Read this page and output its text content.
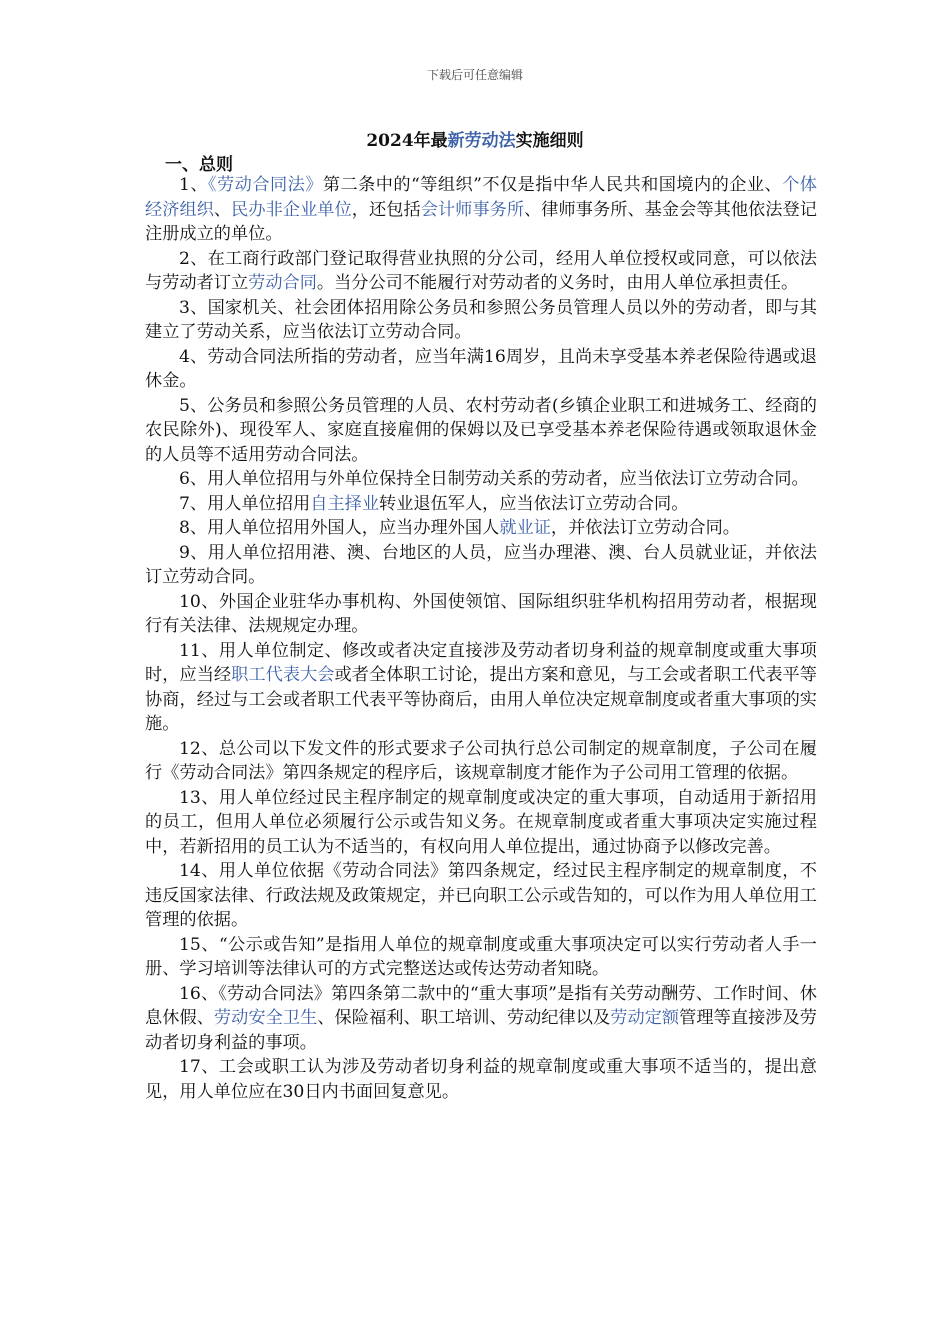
下载后可任意编辑
2024年最新劳动法实施细则
一、总则

1、《劳动合同法》第二条中的“等组织”不仅是指中华人民共和国境内的企业、个体经济组织、民办非企业单位，还包括会计师事务所、律师事务所、基金会等其他依法登记注册成立的单位。

2、在工商行政部门登记取得营业执照的分公司，经用人单位授权或同意，可以依法与劳动者订立劳动合同。当分公司不能履行对劳动者的义务时，由用人单位承担责任。

3、国家机关、社会团体招用除公务员和参照公务员管理人员以外的劳动者，即与其建立了劳动关系，应当依法订立劳动合同。

4、劳动合同法所指的劳动者，应当年满16周岁，且尚未享受基本养老保险待遇或退休金。

5、公务员和参照公务员管理的人员、农村劳动者(乡镇企业职工和进城务工、经商的农民除外)、现役军人、家庭直接雇佣的保姆以及已享受基本养老保险待遇或领取退休金的人员等不适用劳动合同法。

6、用人单位招用与外单位保持全日制劳动关系的劳动者，应当依法订立劳动合同。

7、用人单位招用自主择业转业退伍军人，应当依法订立劳动合同。

8、用人单位招用外国人，应当办理外国人就业证，并依法订立劳动合同。

9、用人单位招用港、澳、台地区的人员，应当办理港、澳、台人员就业证，并依法订立劳动合同。

10、外国企业驻华办事机构、外国使领馆、国际组织驻华机构招用劳动者，根据现行有关法律、法规规定办理。

11、用人单位制定、修改或者决定直接涉及劳动者切身利益的规章制度或重大事项时，应当经职工代表大会或者全体职工讨论，提出方案和意见，与工会或者职工代表平等协商，经过与工会或者职工代表平等协商后，由用人单位决定规章制度或者重大事项的实施。

12、总公司以下发文件的形式要求子公司执行总公司制定的规章制度，子公司在履行《劳动合同法》第四条规定的程序后，该规章制度才能作为子公司用工管理的依据。

13、用人单位经过民主程序制定的规章制度或决定的重大事项，自动适用于新招用的员工，但用人单位必须履行公示或告知义务。在规章制度或者重大事项决定实施过程中，若新招用的员工认为不适当的，有权向用人单位提出，通过协商予以修改完善。

14、用人单位依据《劳动合同法》第四条规定，经过民主程序制定的规章制度，不违反国家法律、行政法规及政策规定，并已向职工公示或告知的，可以作为用人单位用工管理的依据。

15、“公示或告知”是指用人单位的规章制度或重大事项决定可以实行劳动者人手一册、学习培训等法律认可的方式完整送达或传达劳动者知晓。

16、《劳动合同法》第四条第二款中的“重大事项”是指有关劳动酬劳、工作时间、休息休假、劳动安全卫生、保险福利、职工培训、劳动纪律以及劳动定额管理等直接涉及劳动者切身利益的事项。

17、工会或职工认为涉及劳动者切身利益的规章制度或重大事项不适当的，提出意见，用人单位应在30日内书面回复意见。
